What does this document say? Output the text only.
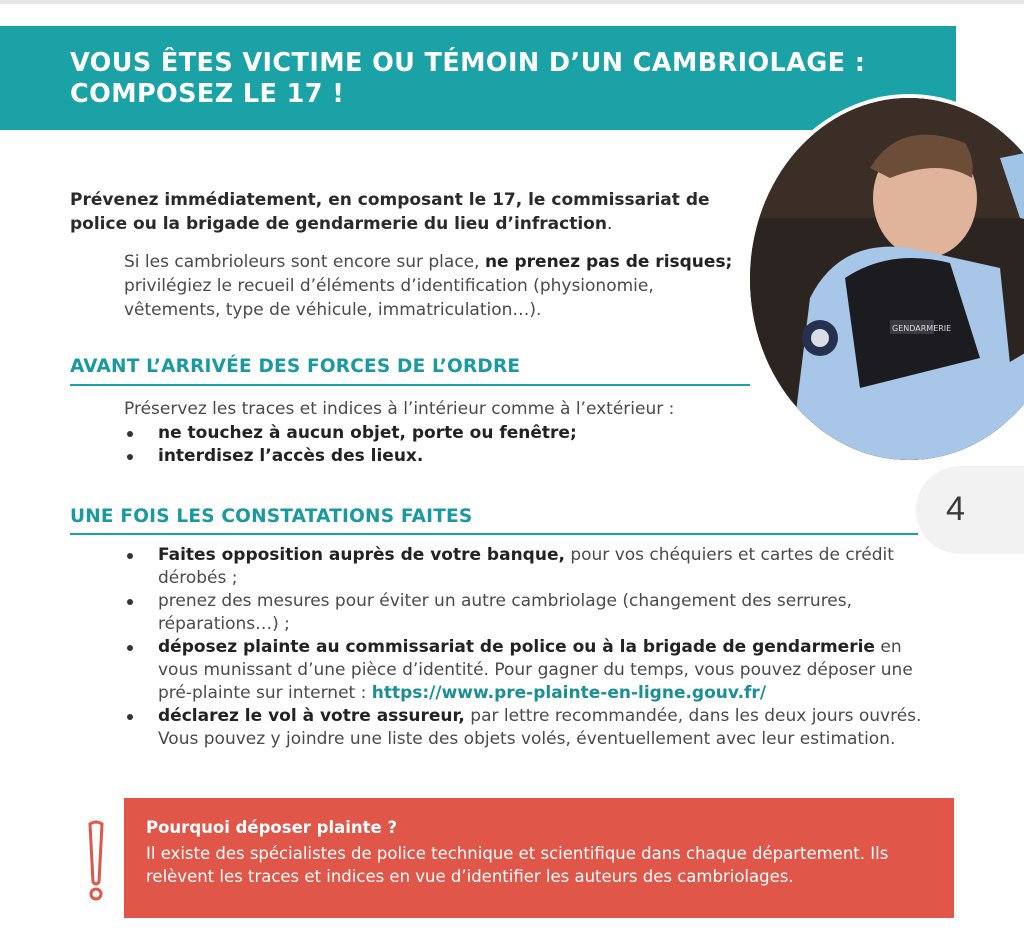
VOUS ÊTES VICTIME OU TÉMOIN D’UN CAMBRIOLAGE :
COMPOSEZ LE 17 !
GENDARMERIE
4

Prévenez immédiatement, en composant le 17, le commissariat de police ou la brigade de gendarmerie du lieu d’infraction.

Si les cambrioleurs sont encore sur place, ne prenez pas de risques; privilégiez le recueil d’éléments d’identification (physionomie, vêtements, type de véhicule, immatriculation…).

AVANT L’ARRIVÉE DES FORCES DE L’ORDRE

Préservez les traces et indices à l’intérieur comme à l’extérieur :

ne touchez à aucun objet, porte ou fenêtre;
interdisez l’accès des lieux.
UNE FOIS LES CONSTATATIONS FAITES
Faites opposition auprès de votre banque, pour vos chéquiers et cartes de crédit dérobés ;
prenez des mesures pour éviter un autre cambriolage (changement des serrures, réparations…) ;
déposez plainte au commissariat de police ou à la brigade de gendarmerie en vous munissant d’une pièce d’identité. Pour gagner du temps, vous pouvez déposer une pré-plainte sur internet : https://www.pre-plainte-en-ligne.gouv.fr/
déclarez le vol à votre assureur, par lettre recommandée, dans les deux jours ouvrés. Vous pouvez y joindre une liste des objets volés, éventuellement avec leur estimation.

Pourquoi déposer plainte ?

Il existe des spécialistes de police technique et scientifique dans chaque département. Ils relèvent les traces et indices en vue d’identifier les auteurs des cambriolages.
